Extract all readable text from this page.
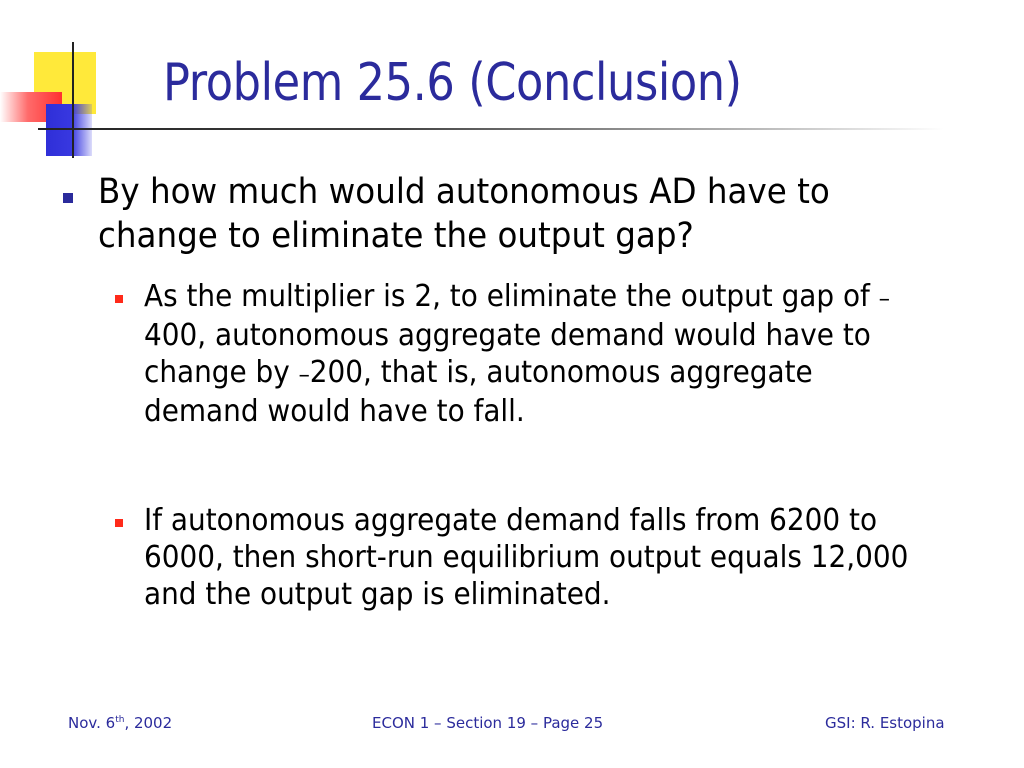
Problem 25.6 (Conclusion)
By how much would autonomous AD have to change to eliminate the output gap?
As the multiplier is 2, to eliminate the output gap of –400, autonomous aggregate demand would have to change by –200, that is, autonomous aggregate demand would have to fall.
If autonomous aggregate demand falls from 6200 to 6000, then short-run equilibrium output equals 12,000 and the output gap is eliminated.
Nov. 6th, 2002	ECON 1 – Section 19 – Page 25	GSI: R. Estopina
